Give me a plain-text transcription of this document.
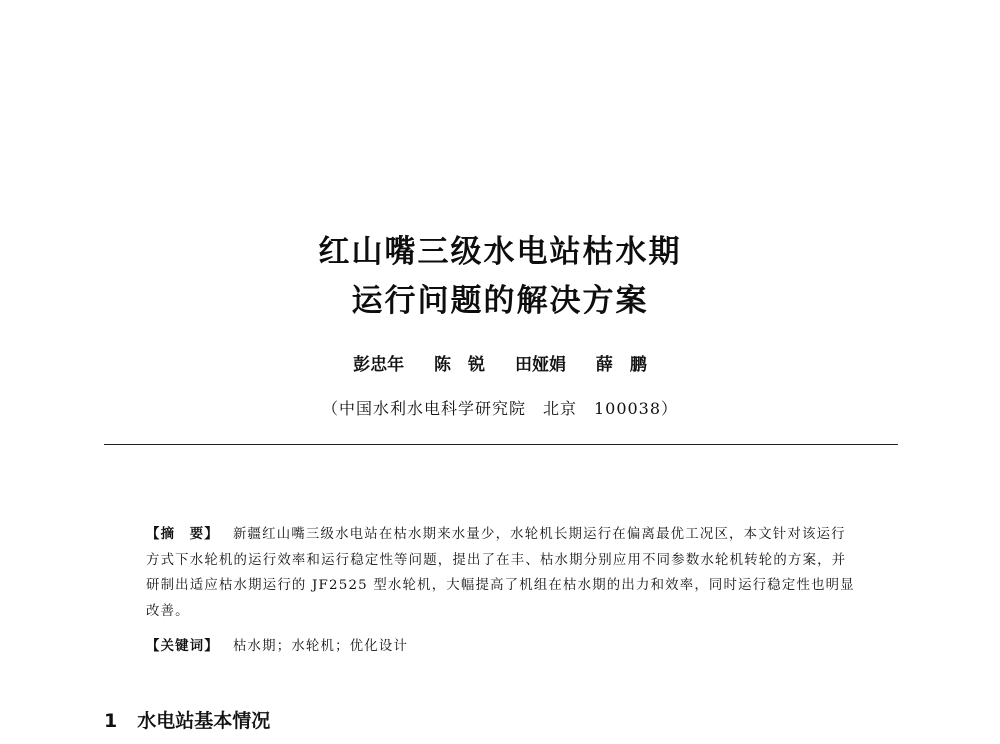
红山嘴三级水电站枯水期
运行问题的解决方案
彭忠年 陈　锐 田娅娟 薛　鹏
（中国水利水电科学研究院　北京　100038）
【摘　要】 新疆红山嘴三级水电站在枯水期来水量少，水轮机长期运行在偏离最优工况区，本文针对该运行方式下水轮机的运行效率和运行稳定性等问题，提出了在丰、枯水期分别应用不同参数水轮机转轮的方案，并研制出适应枯水期运行的 JF2525 型水轮机，大幅提高了机组在枯水期的出力和效率，同时运行稳定性也明显改善。
【关键词】 枯水期；水轮机；优化设计
1 水电站基本情况
